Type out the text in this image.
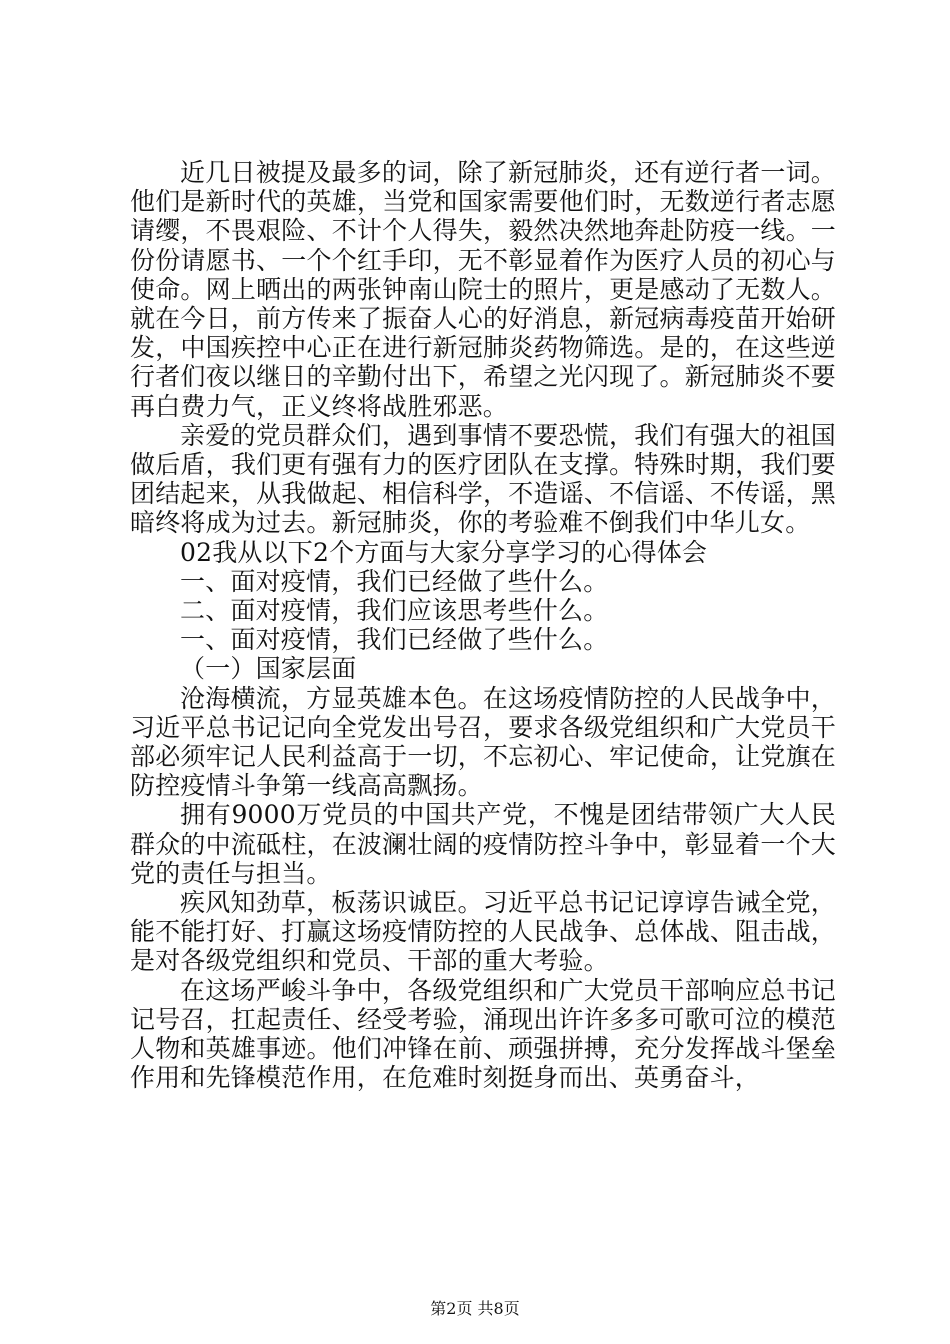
近几日被提及最多的词，除了新冠肺炎，还有逆行者一词。他们是新时代的英雄，当党和国家需要他们时，无数逆行者志愿请缨，不畏艰险、不计个人得失，毅然决然地奔赴防疫一线。一份份请愿书、一个个红手印，无不彰显着作为医疗人员的初心与使命。网上晒出的两张钟南山院士的照片，更是感动了无数人。就在今日，前方传来了振奋人心的好消息，新冠病毒疫苗开始研发，中国疾控中心正在进行新冠肺炎药物筛选。是的，在这些逆行者们夜以继日的辛勤付出下，希望之光闪现了。新冠肺炎不要再白费力气，正义终将战胜邪恶。

亲爱的党员群众们，遇到事情不要恐慌，我们有强大的祖国做后盾，我们更有强有力的医疗团队在支撑。特殊时期，我们要团结起来，从我做起、相信科学，不造谣、不信谣、不传谣，黑暗终将成为过去。新冠肺炎，你的考验难不倒我们中华儿女。

02我从以下2个方面与大家分享学习的心得体会

一、面对疫情，我们已经做了些什么。

二、面对疫情，我们应该思考些什么。

一、面对疫情，我们已经做了些什么。

（一）国家层面

沧海横流，方显英雄本色。在这场疫情防控的人民战争中，习近平总书记记向全党发出号召，要求各级党组织和广大党员干部必须牢记人民利益高于一切，不忘初心、牢记使命，让党旗在防控疫情斗争第一线高高飘扬。

拥有9000万党员的中国共产党，不愧是团结带领广大人民群众的中流砥柱，在波澜壮阔的疫情防控斗争中，彰显着一个大党的责任与担当。

疾风知劲草，板荡识诚臣。习近平总书记记谆谆告诫全党，能不能打好、打赢这场疫情防控的人民战争、总体战、阻击战，是对各级党组织和党员、干部的重大考验。

在这场严峻斗争中，各级党组织和广大党员干部响应总书记记号召，扛起责任、经受考验，涌现出许许多多可歌可泣的模范人物和英雄事迹。他们冲锋在前、顽强拼搏，充分发挥战斗堡垒作用和先锋模范作用，在危难时刻挺身而出、英勇奋斗，

第2页 共8页
